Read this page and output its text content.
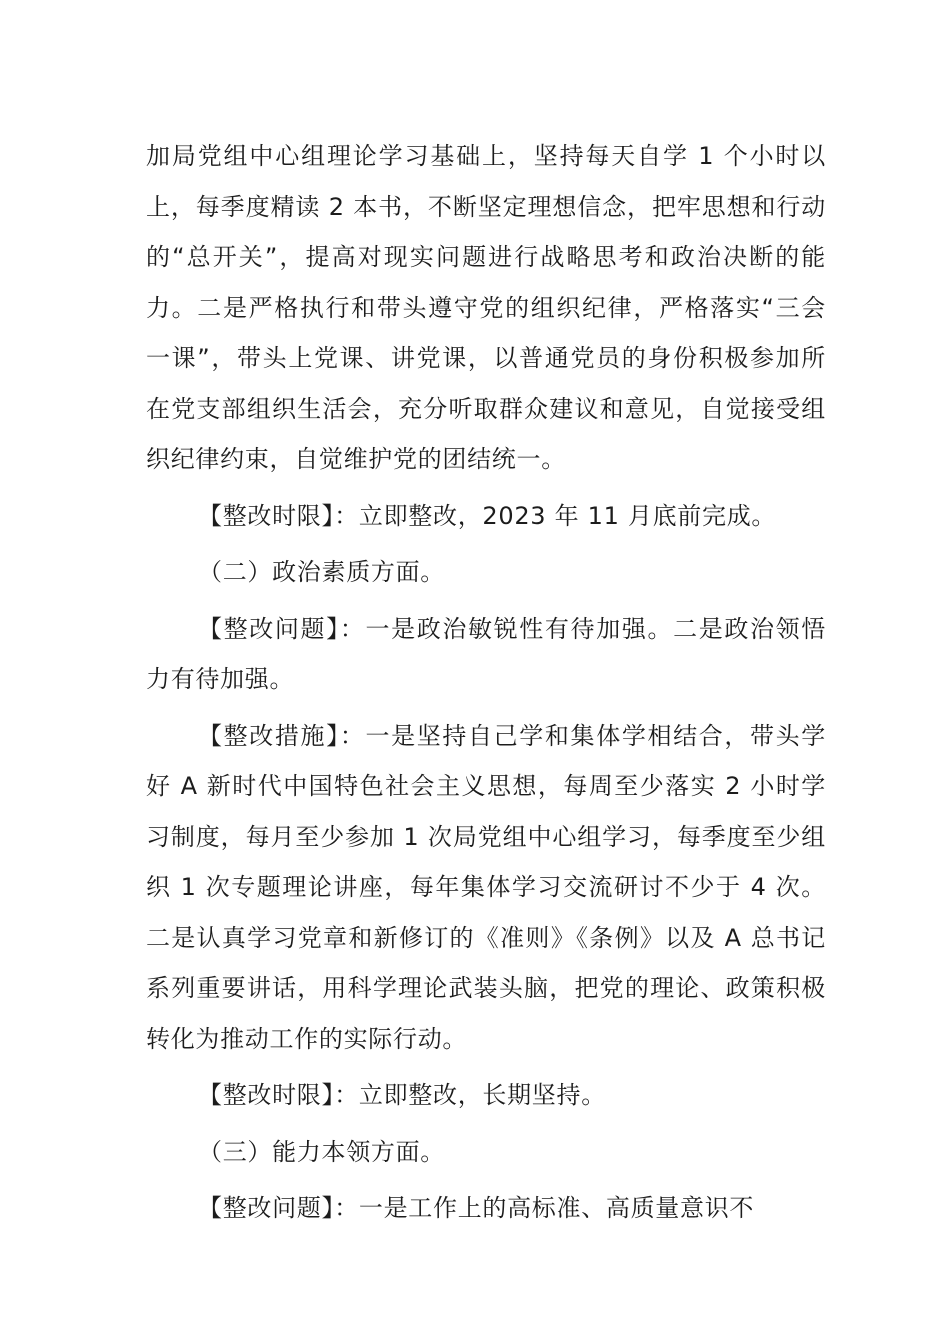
加局党组中心组理论学习基础上，坚持每天自学 1 个小时以上，每季度精读 2 本书，不断坚定理想信念，把牢思想和行动的“总开关”，提高对现实问题进行战略思考和政治决断的能力。二是严格执行和带头遵守党的组织纪律，严格落实“三会一课”，带头上党课、讲党课，以普通党员的身份积极参加所在党支部组织生活会，充分听取群众建议和意见，自觉接受组织纪律约束，自觉维护党的团结统一。

【整改时限】：立即整改，2023 年 11 月底前完成。

（二）政治素质方面。

【整改问题】：一是政治敏锐性有待加强。二是政治领悟力有待加强。

【整改措施】：一是坚持自己学和集体学相结合，带头学好 A 新时代中国特色社会主义思想，每周至少落实 2 小时学习制度，每月至少参加 1 次局党组中心组学习，每季度至少组织 1 次专题理论讲座，每年集体学习交流研讨不少于 4 次。二是认真学习党章和新修订的《准则》《条例》以及 A 总书记系列重要讲话，用科学理论武装头脑，把党的理论、政策积极转化为推动工作的实际行动。

【整改时限】：立即整改，长期坚持。

（三）能力本领方面。

【整改问题】：一是工作上的高标准、高质量意识不
